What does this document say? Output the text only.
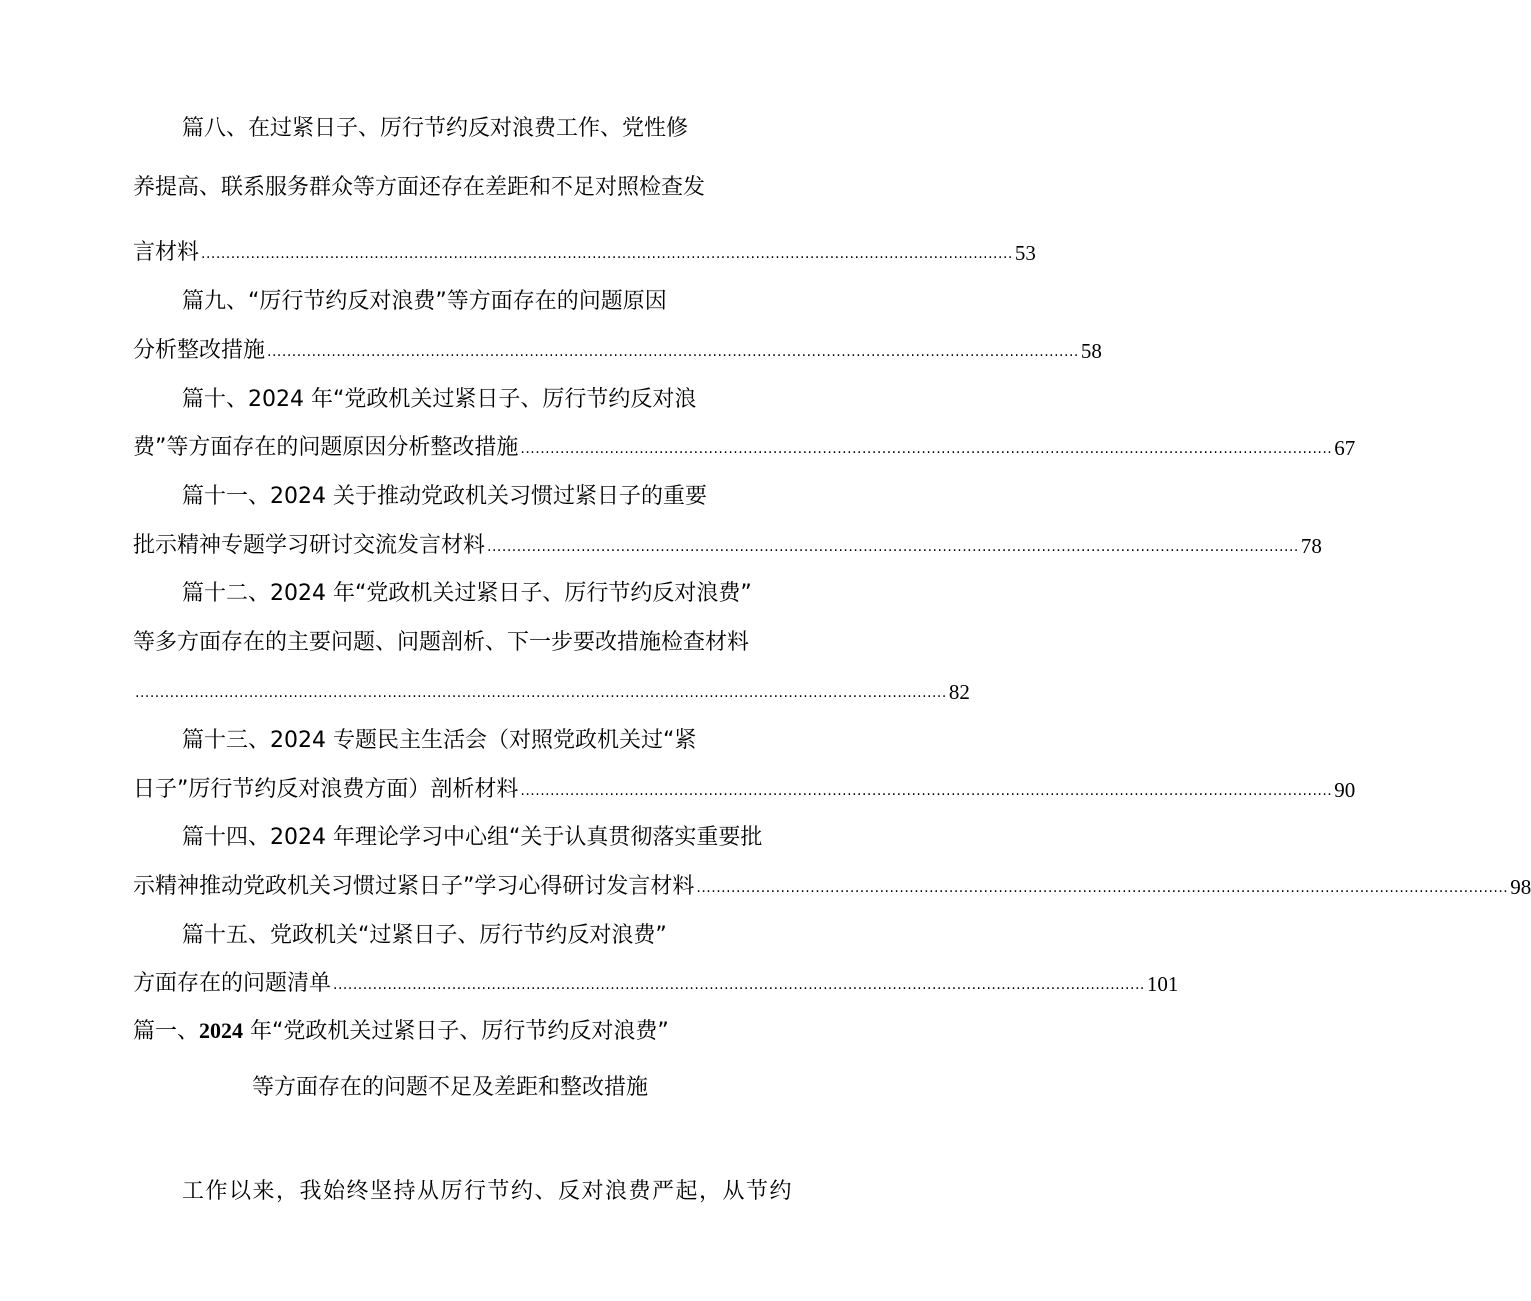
篇八、在过紧日子、厉行节约反对浪费工作、党性修
养提高、联系服务群众等方面还存在差距和不足对照检查发
言材料 .................................................................................................................................................................... 53
篇九、“厉行节约反对浪费”等方面存在的问题原因
分析整改措施 .................................................................................................................................................................... 58
篇十、2024 年“党政机关过紧日子、厉行节约反对浪
费”等方面存在的问题原因分析整改措施 .................................................................................................................................................................... 67
篇十一、2024 关于推动党政机关习惯过紧日子的重要
批示精神专题学习研讨交流发言材料 .................................................................................................................................................................... 78
篇十二、2024 年“党政机关过紧日子、厉行节约反对浪费”
等多方面存在的主要问题、问题剖析、下一步要改措施检查材料
.................................................................................................................................................................... 82
篇十三、2024 专题民主生活会（对照党政机关过“紧
日子”厉行节约反对浪费方面）剖析材料 .................................................................................................................................................................... 90
篇十四、2024 年理论学习中心组“关于认真贯彻落实重要批
示精神推动党政机关习惯过紧日子”学习心得研讨发言材料 .................................................................................................................................................................... 98
篇十五、党政机关“过紧日子、厉行节约反对浪费”
方面存在的问题清单 .................................................................................................................................................................... 101
篇一、2024 年“党政机关过紧日子、厉行节约反对浪费”
等方面存在的问题不足及差距和整改措施
工作以来，我始终坚持从厉行节约、反对浪费严起，从节约
